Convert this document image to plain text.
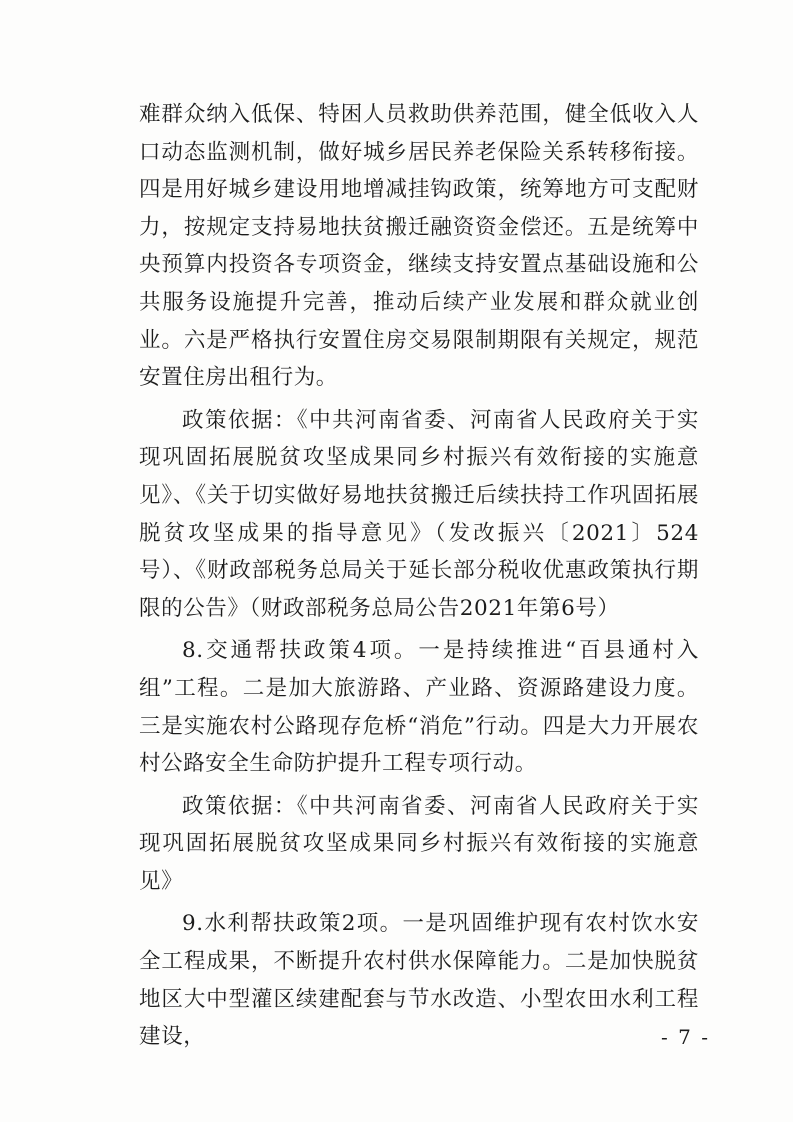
难群众纳入低保、特困人员救助供养范围，健全低收入人口动态监测机制，做好城乡居民养老保险关系转移衔接。四是用好城乡建设用地增减挂钩政策，统筹地方可支配财力，按规定支持易地扶贫搬迁融资资金偿还。五是统筹中央预算内投资各专项资金，继续支持安置点基础设施和公共服务设施提升完善，推动后续产业发展和群众就业创业。六是严格执行安置住房交易限制期限有关规定，规范安置住房出租行为。

政策依据：《中共河南省委、河南省人民政府关于实现巩固拓展脱贫攻坚成果同乡村振兴有效衔接的实施意见》、《关于切实做好易地扶贫搬迁后续扶持工作巩固拓展脱贫攻坚成果的指导意见》（发改振兴〔2021〕524号）、《财政部税务总局关于延长部分税收优惠政策执行期限的公告》（财政部税务总局公告2021年第6号）

8.交通帮扶政策4项。一是持续推进“百县通村入组”工程。二是加大旅游路、产业路、资源路建设力度。三是实施农村公路现存危桥“消危”行动。四是大力开展农村公路安全生命防护提升工程专项行动。

政策依据：《中共河南省委、河南省人民政府关于实现巩固拓展脱贫攻坚成果同乡村振兴有效衔接的实施意见》

9.水利帮扶政策2项。一是巩固维护现有农村饮水安全工程成果，不断提升农村供水保障能力。二是加快脱贫地区大中型灌区续建配套与节水改造、小型农田水利工程建设，	- 7 -
